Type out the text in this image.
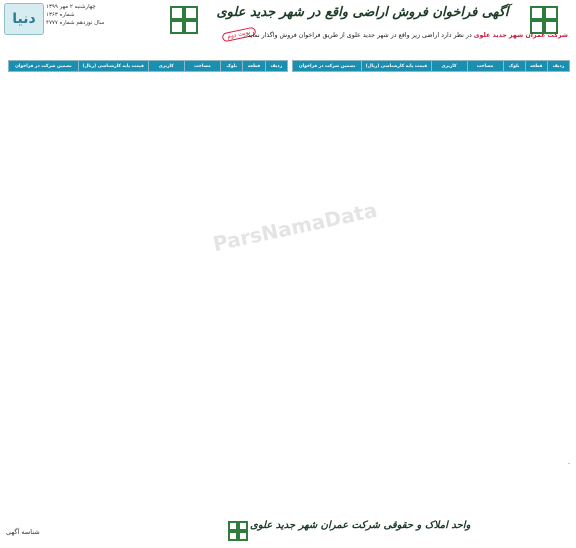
دنیا
چهارشنبه ۲ مهر ۱۳۹۹
شماره ۱۳۶۳
سال نوزدهم شماره ۴۷۷۷
آگهی فراخوان فروش اراضی واقع در شهر جدید علوی
نوبت دوم	شرکت عمران شهر جدید علوی در نظر دارد اراضی زیر واقع در شهر جدید علوی از طریق فراخوان فروش واگذار نماید .
ردیف	قطعه	بلوک	مساحت	کاربری	قیمت پایه کارشناسی (ریال)	تضمین شرکت در فراخوان
ردیف	قطعه	بلوک	مساحت	کاربری	قیمت پایه کارشناسی (ریال)	تضمین شرکت در فراخوان
ParsNamaData
.
واحد املاک و حقوقی شرکت عمران شهر جدید علوی
شناسه آگهی
